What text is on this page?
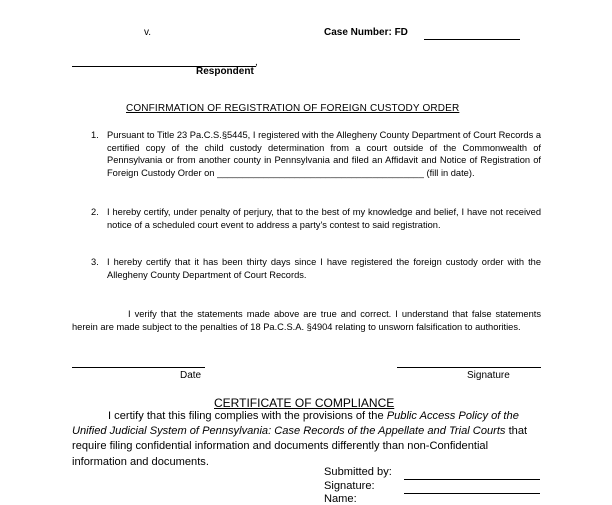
v.	Case Number: FD
,
Respondent
CONFIRMATION OF REGISTRATION OF FOREIGN CUSTODY ORDER
1. Pursuant to Title 23 Pa.C.S.§5445, I registered with the Allegheny County Department of Court Records a certified copy of the child custody determination from a court outside of the Commonwealth of Pennsylvania or from another county in Pennsylvania and filed an Affidavit and Notice of Registration of Foreign Custody Order on ________________________________________ (fill in date).
2. I hereby certify, under penalty of perjury, that to the best of my knowledge and belief, I have not received notice of a scheduled court event to address a party's contest to said registration.
3. I hereby certify that it has been thirty days since I have registered the foreign custody order with the Allegheny County Department of Court Records.
I verify that the statements made above are true and correct. I understand that false statements herein are made subject to the penalties of 18 Pa.C.S.A. §4904 relating to unsworn falsification to authorities.
Date	Signature
CERTIFICATE OF COMPLIANCE
I certify that this filing complies with the provisions of the Public Access Policy of the Unified Judicial System of Pennsylvania: Case Records of the Appellate and Trial Courts that require filing confidential information and documents differently than non-Confidential information and documents.
Submitted by:
Signature:
Name:
